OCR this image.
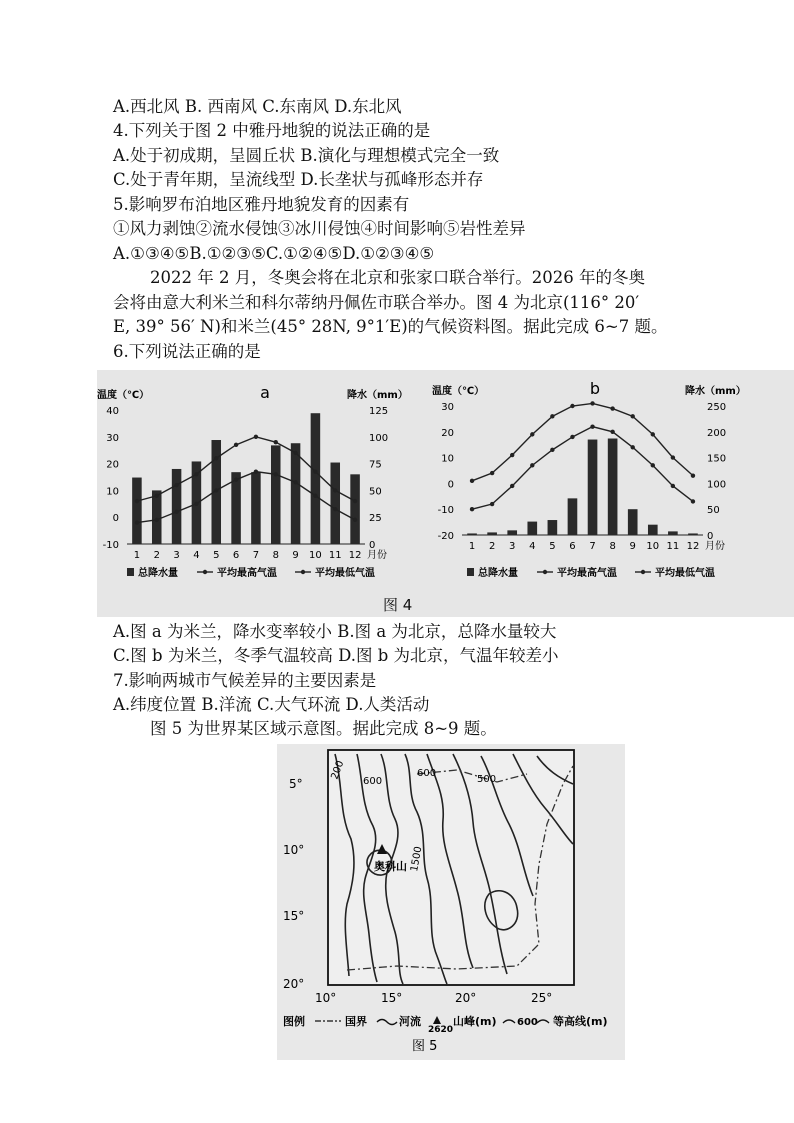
A.西北风 B. 西南风 C.东南风 D.东北风
4.下列关于图 2 中雅丹地貌的说法正确的是
A.处于初成期，呈圆丘状 B.演化与理想模式完全一致
C.处于青年期，呈流线型 D.长垄状与孤峰形态并存
5.影响罗布泊地区雅丹地貌发育的因素有
①风力剥蚀②流水侵蚀③冰川侵蚀④时间影响⑤岩性差异
A.①③④⑤B.①②③⑤C.①②④⑤D.①②③④⑤
2022 年 2 月，冬奥会将在北京和张家口联合举行。2026 年的冬奥
会将由意大利米兰和科尔蒂纳丹佩佐市联合举办。图 4 为北京(116° 20′
E, 39° 56′ N)和米兰(45° 28N, 9°1′E)的气候资料图。据此完成 6~7 题。
6.下列说法正确的是
a
温度（℃）	降水（mm）
-10
0
10
20
30
40
0
25
50
75
100
125
1 2 3 4 5 6 7 8 9 10 11 12 月份
总降水量	平均最高气温	平均最低气温
b
温度（℃）	降水（mm）
-20
-10
0
10
20
30
0
50
100
150
200
250
1 2 3 4 5 6 7 8 9 10 11 12 月份
总降水量	平均最高气温	平均最低气温
图 4
A.图 a 为米兰，降水变率较小 B.图 a 为北京，总降水量较大
C.图 b 为米兰，冬季气温较高 D.图 b 为北京，气温年较差小
7.影响两城市气候差异的主要因素是
A.纬度位置 B.洋流 C.大气环流 D.人类活动
图 5 为世界某区域示意图。据此完成 8~9 题。
奥科山
200
600
600
500
1500
5°
10°
15°
20°
10°	15°	20°	25°
图例	国界	河流
2620
山峰(m) 600 等高线(m)
图 5
